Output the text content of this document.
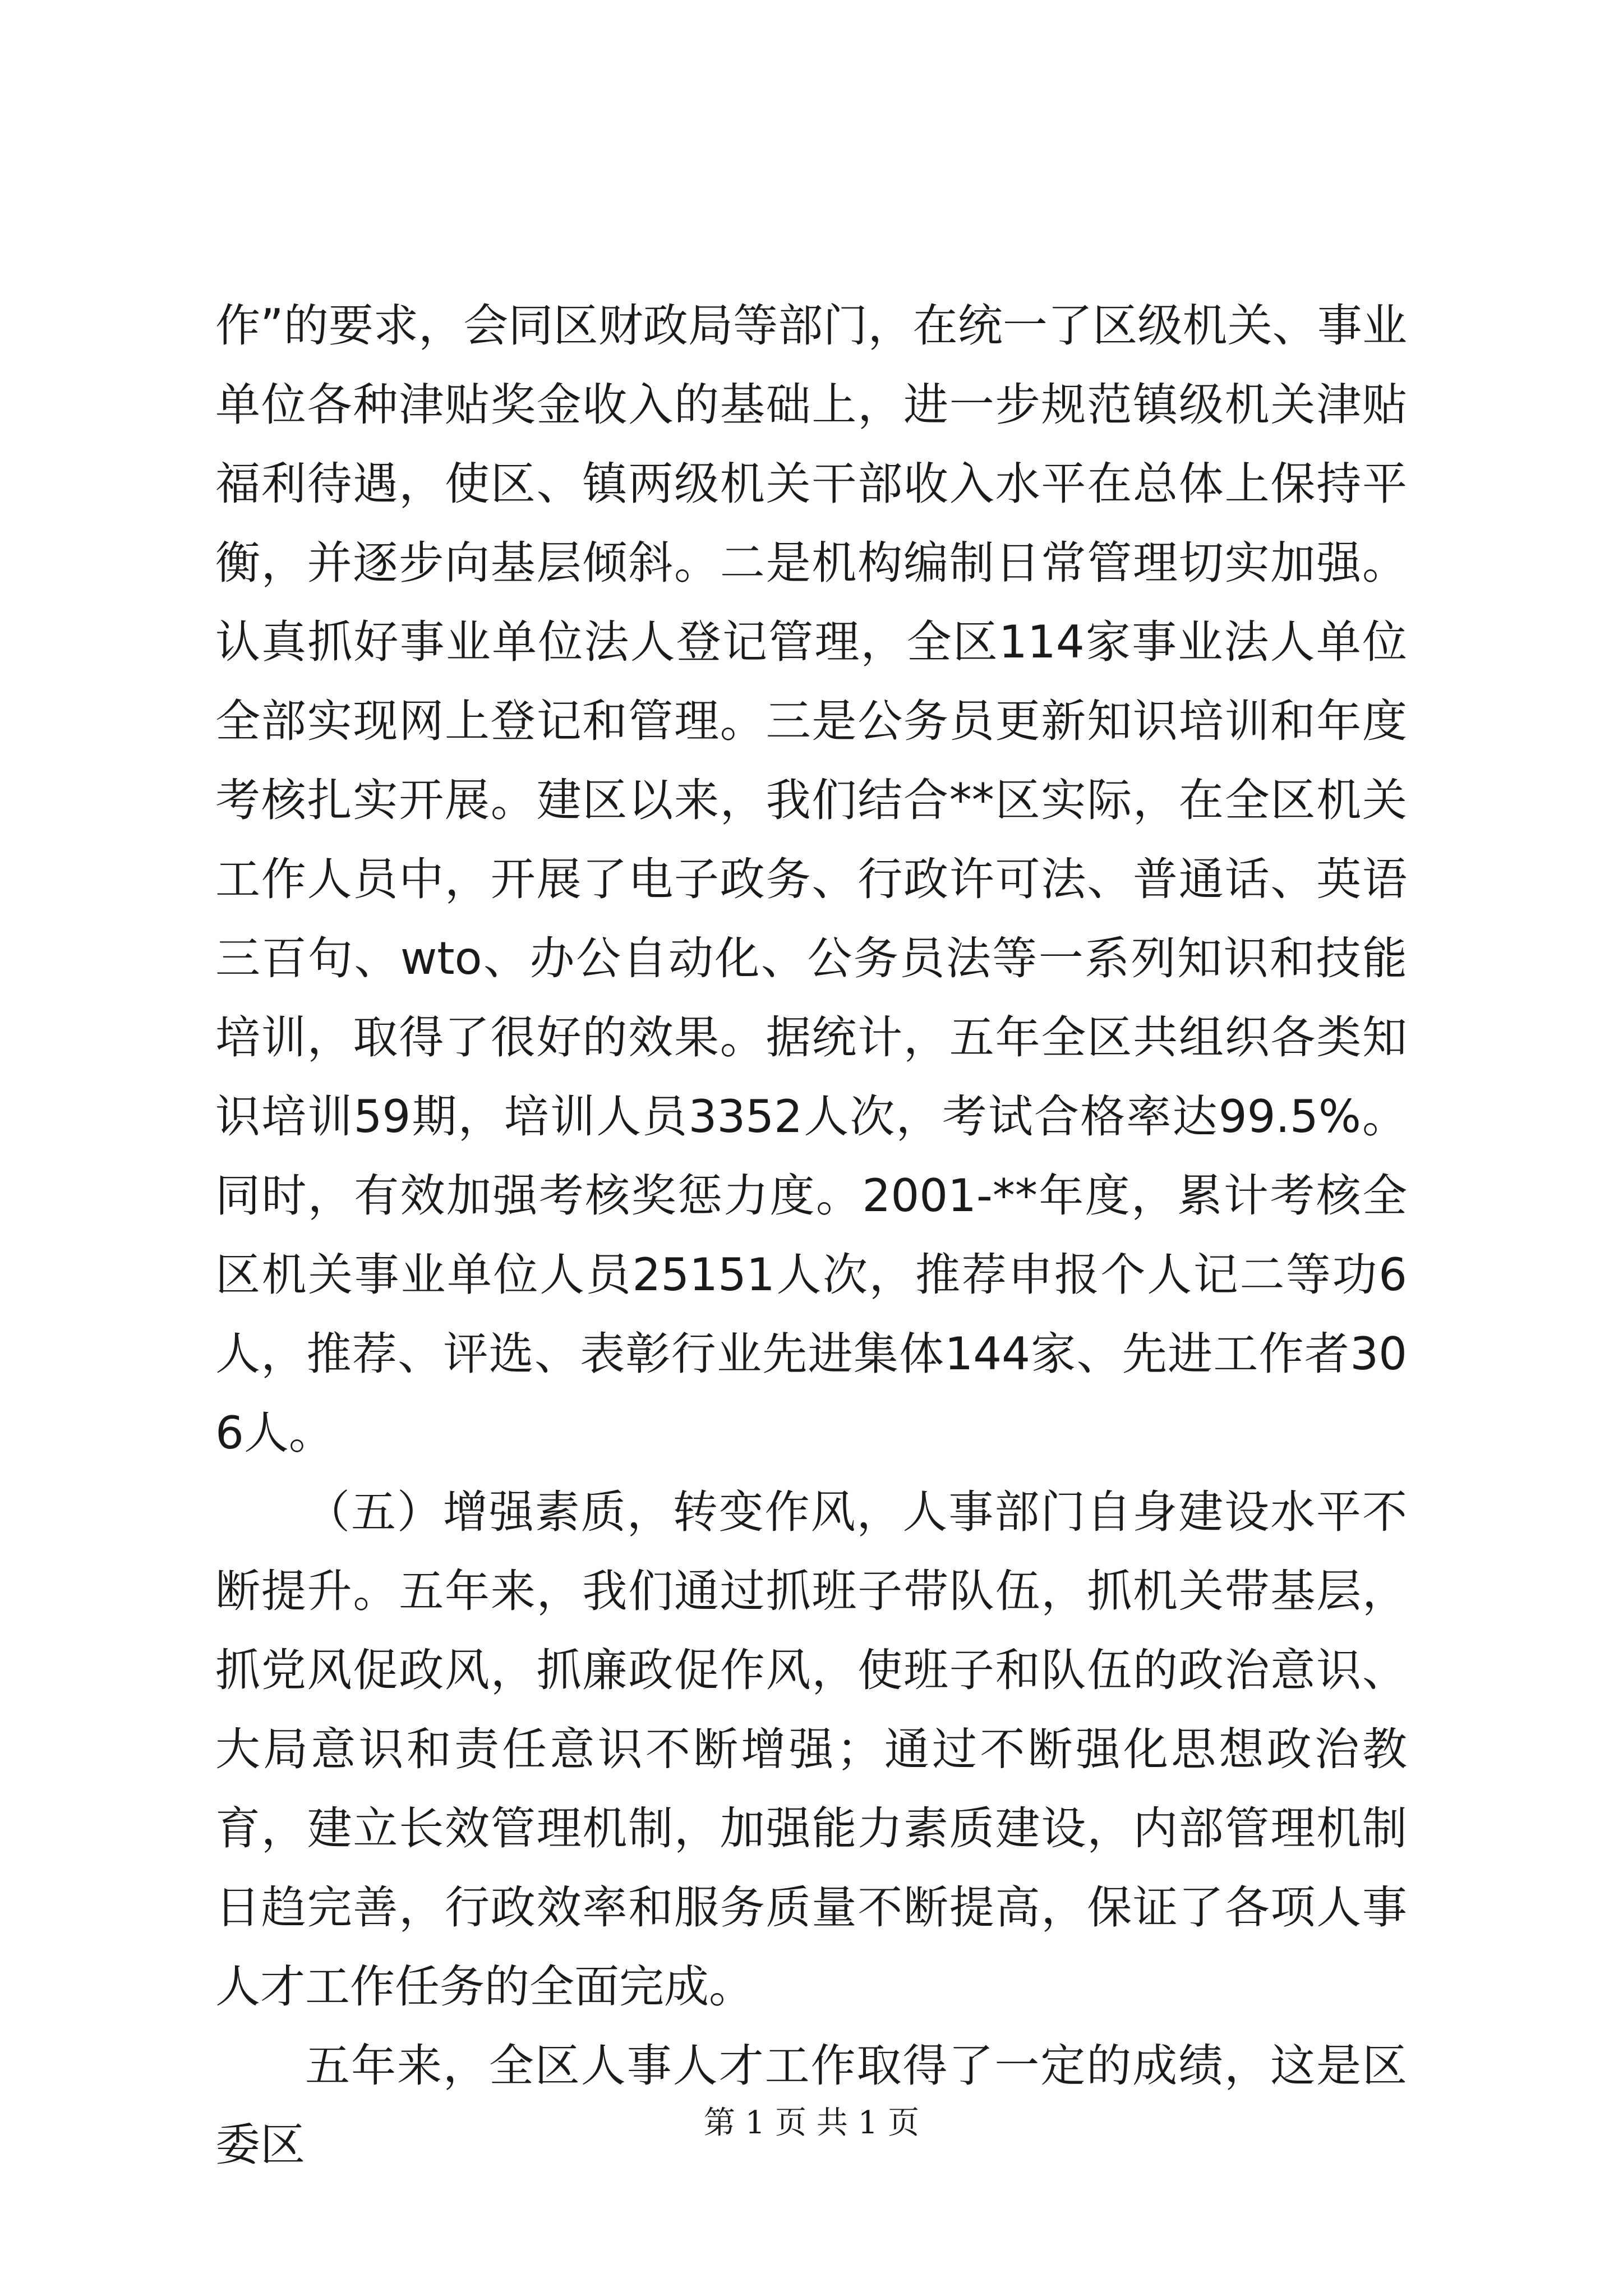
作”的要求，会同区财政局等部门，在统一了区级机关、事业单位各种津贴奖金收入的基础上，进一步规范镇级机关津贴福利待遇，使区、镇两级机关干部收入水平在总体上保持平衡，并逐步向基层倾斜。二是机构编制日常管理切实加强。认真抓好事业单位法人登记管理，全区114家事业法人单位全部实现网上登记和管理。三是公务员更新知识培训和年度考核扎实开展。建区以来，我们结合**区实际，在全区机关工作人员中，开展了电子政务、行政许可法、普通话、英语三百句、wto、办公自动化、公务员法等一系列知识和技能培训，取得了很好的效果。据统计，五年全区共组织各类知识培训59期，培训人员3352人次，考试合格率达99.5%。同时，有效加强考核奖惩力度。2001-**年度，累计考核全区机关事业单位人员25151人次，推荐申报个人记二等功6人，推荐、评选、表彰行业先进集体144家、先进工作者306人。

（五）增强素质，转变作风，人事部门自身建设水平不断提升。五年来，我们通过抓班子带队伍，抓机关带基层，抓党风促政风，抓廉政促作风，使班子和队伍的政治意识、大局意识和责任意识不断增强；通过不断强化思想政治教育，建立长效管理机制，加强能力素质建设，内部管理机制日趋完善，行政效率和服务质量不断提高，保证了各项人事人才工作任务的全面完成。

五年来，全区人事人才工作取得了一定的成绩，这是区委区	第 1 页 共 1 页
